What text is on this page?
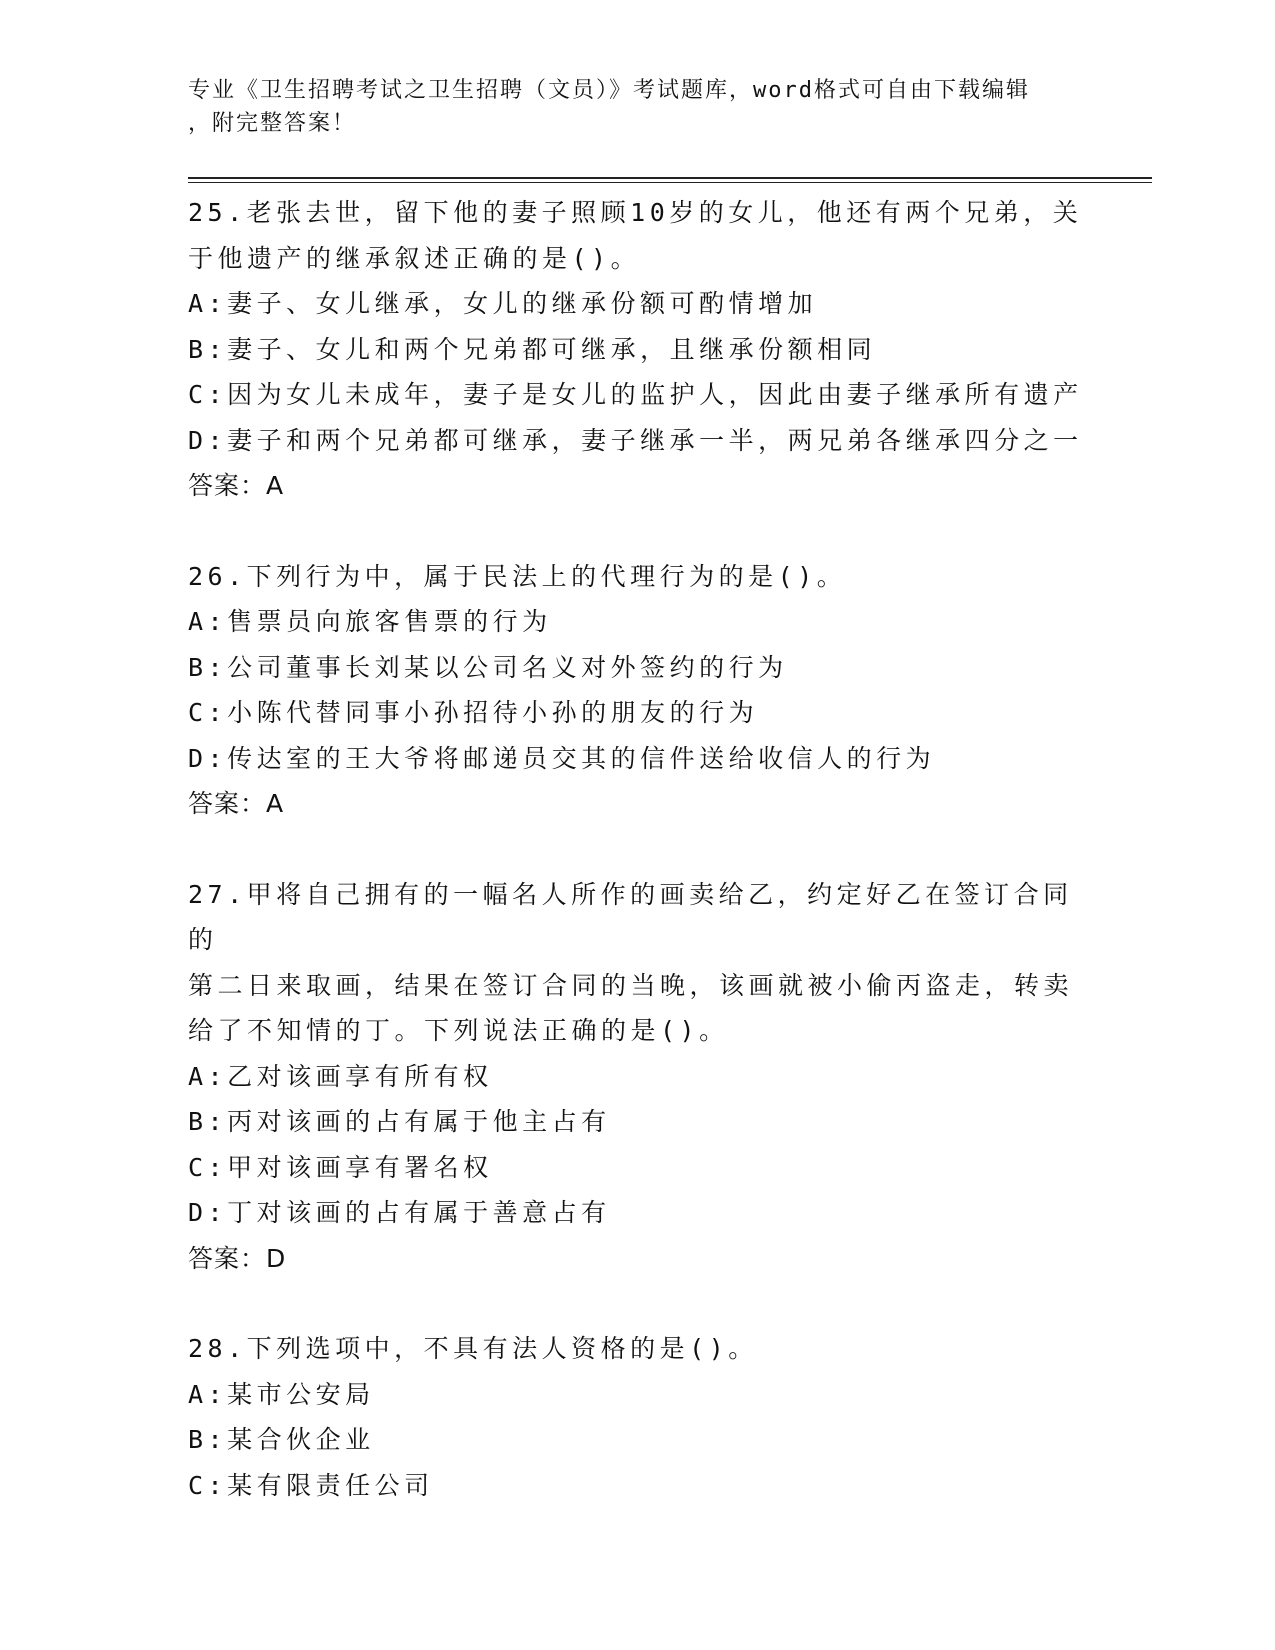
专业《卫生招聘考试之卫生招聘（文员）》考试题库，word格式可自由下载编辑
，附完整答案！
25.老张去世，留下他的妻子照顾10岁的女儿，他还有两个兄弟，关
于他遗产的继承叙述正确的是()。
A:妻子、女儿继承，女儿的继承份额可酌情增加
B:妻子、女儿和两个兄弟都可继承，且继承份额相同
C:因为女儿未成年，妻子是女儿的监护人，因此由妻子继承所有遗产
D:妻子和两个兄弟都可继承，妻子继承一半，两兄弟各继承四分之一
答案：A
26.下列行为中，属于民法上的代理行为的是()。
A:售票员向旅客售票的行为
B:公司董事长刘某以公司名义对外签约的行为
C:小陈代替同事小孙招待小孙的朋友的行为
D:传达室的王大爷将邮递员交其的信件送给收信人的行为
答案：A
27.甲将自己拥有的一幅名人所作的画卖给乙，约定好乙在签订合同的
第二日来取画，结果在签订合同的当晚，该画就被小偷丙盗走，转卖
给了不知情的丁。下列说法正确的是()。
A:乙对该画享有所有权
B:丙对该画的占有属于他主占有
C:甲对该画享有署名权
D:丁对该画的占有属于善意占有
答案：D
28.下列选项中，不具有法人资格的是()。
A:某市公安局
B:某合伙企业
C:某有限责任公司
